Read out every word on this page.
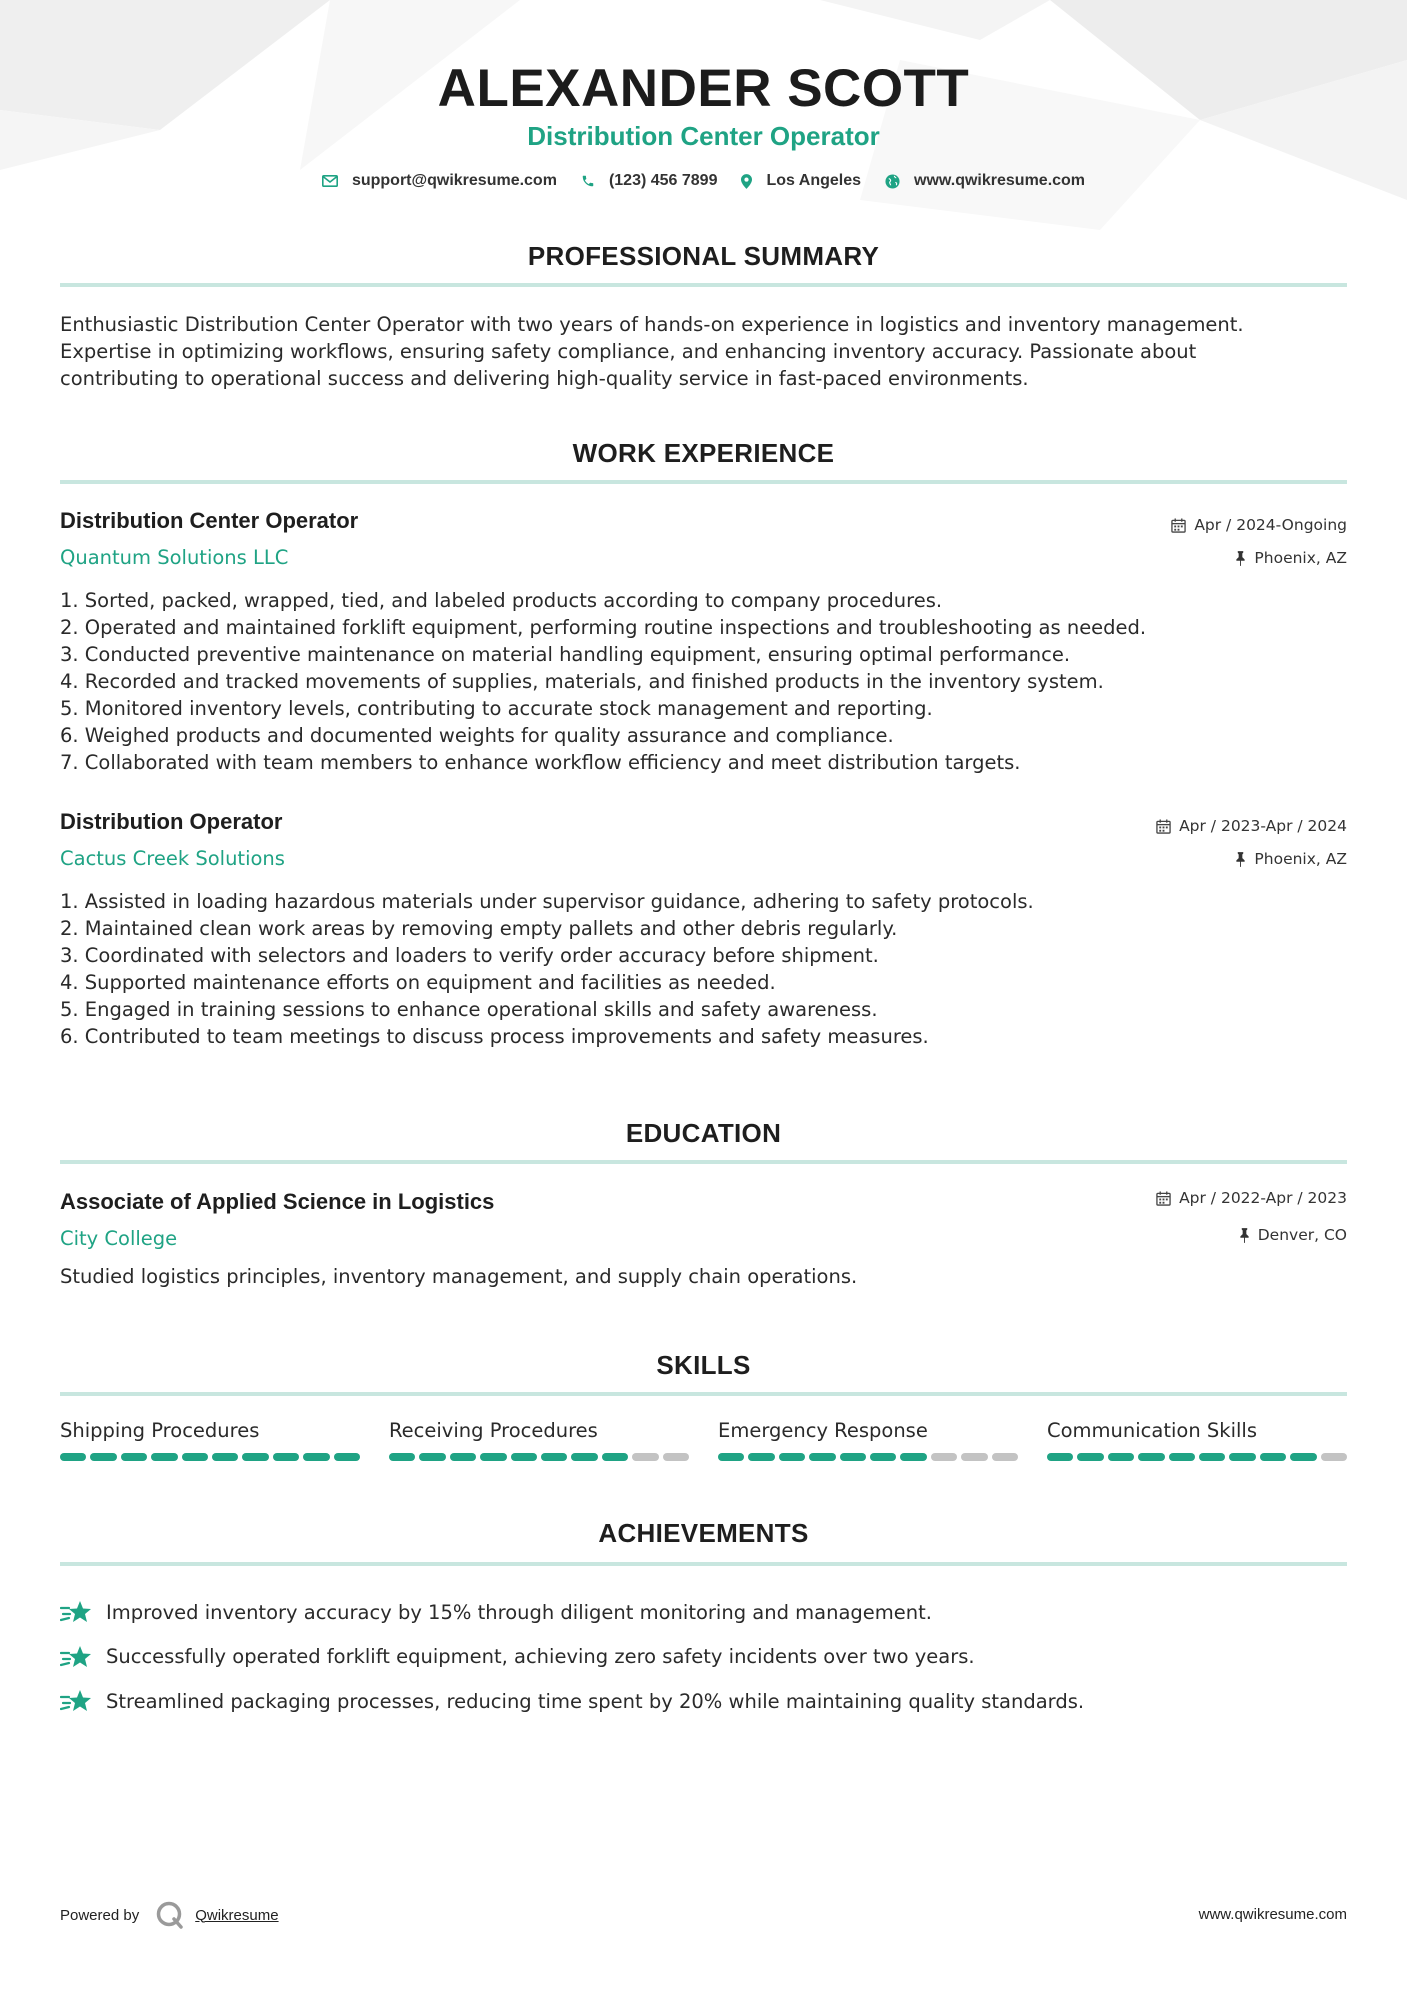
ALEXANDER SCOTT
Distribution Center Operator
support@qwikresume.com	(123) 456 7899	Los Angeles	www.qwikresume.com
PROFESSIONAL SUMMARY
Enthusiastic Distribution Center Operator with two years of hands-on experience in logistics and inventory management.
Expertise in optimizing workflows, ensuring safety compliance, and enhancing inventory accuracy. Passionate about
contributing to operational success and delivering high-quality service in fast-paced environments.
WORK EXPERIENCE
Distribution Center Operator
Quantum Solutions LLC
Apr / 2024-Ongoing
Phoenix, AZ
1. Sorted, packed, wrapped, tied, and labeled products according to company procedures.
2. Operated and maintained forklift equipment, performing routine inspections and troubleshooting as needed.
3. Conducted preventive maintenance on material handling equipment, ensuring optimal performance.
4. Recorded and tracked movements of supplies, materials, and finished products in the inventory system.
5. Monitored inventory levels, contributing to accurate stock management and reporting.
6. Weighed products and documented weights for quality assurance and compliance.
7. Collaborated with team members to enhance workflow efficiency and meet distribution targets.
Distribution Operator
Cactus Creek Solutions
Apr / 2023-Apr / 2024
Phoenix, AZ
1. Assisted in loading hazardous materials under supervisor guidance, adhering to safety protocols.
2. Maintained clean work areas by removing empty pallets and other debris regularly.
3. Coordinated with selectors and loaders to verify order accuracy before shipment.
4. Supported maintenance efforts on equipment and facilities as needed.
5. Engaged in training sessions to enhance operational skills and safety awareness.
6. Contributed to team meetings to discuss process improvements and safety measures.
EDUCATION
Associate of Applied Science in Logistics
City College
Apr / 2022-Apr / 2023
Denver, CO
Studied logistics principles, inventory management, and supply chain operations.
SKILLS
Shipping Procedures	Receiving Procedures	Emergency Response	Communication Skills
ACHIEVEMENTS
Improved inventory accuracy by 15% through diligent monitoring and management.
Successfully operated forklift equipment, achieving zero safety incidents over two years.
Streamlined packaging processes, reducing time spent by 20% while maintaining quality standards.
Powered by	Qwikresume	www.qwikresume.com
